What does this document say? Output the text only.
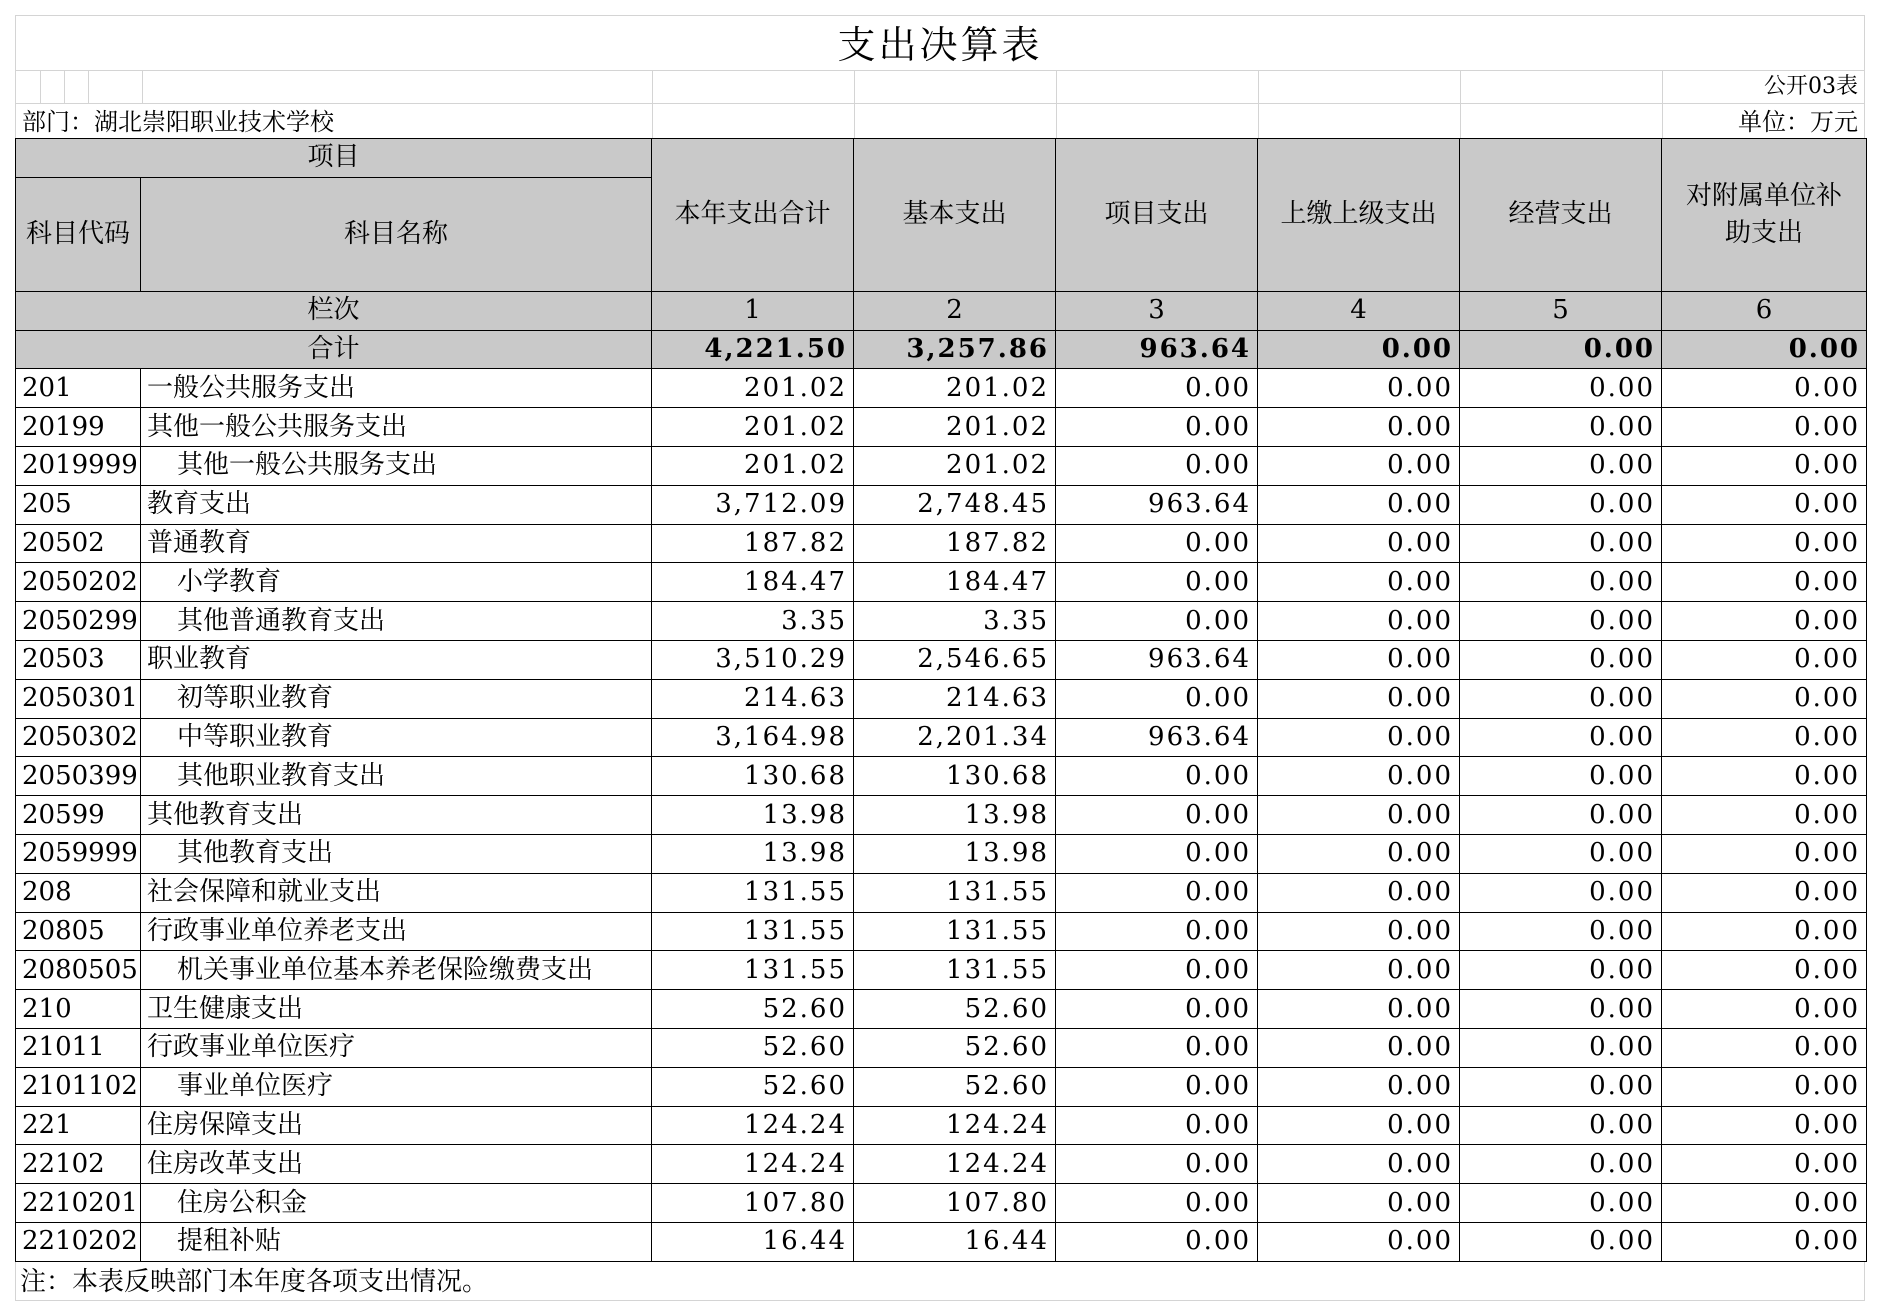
支出决算表
公开03表
部门：湖北崇阳职业技术学校	单位：万元
项目		本年支出合计	基本支出	项目支出	上缴上级支出	经营支出	对附属单位补助支出
科目代码	科目名称						
栏次		1	2	3	4	5	6
合计		4,221.50	3,257.86	963.64	0.00	0.00	0.00
201	一般公共服务支出	201.02	201.02	0.00	0.00	0.00	0.00
20199	其他一般公共服务支出	201.02	201.02	0.00	0.00	0.00	0.00
2019999	其他一般公共服务支出	201.02	201.02	0.00	0.00	0.00	0.00
205	教育支出	3,712.09	2,748.45	963.64	0.00	0.00	0.00
20502	普通教育	187.82	187.82	0.00	0.00	0.00	0.00
2050202	小学教育	184.47	184.47	0.00	0.00	0.00	0.00
2050299	其他普通教育支出	3.35	3.35	0.00	0.00	0.00	0.00
20503	职业教育	3,510.29	2,546.65	963.64	0.00	0.00	0.00
2050301	初等职业教育	214.63	214.63	0.00	0.00	0.00	0.00
2050302	中等职业教育	3,164.98	2,201.34	963.64	0.00	0.00	0.00
2050399	其他职业教育支出	130.68	130.68	0.00	0.00	0.00	0.00
20599	其他教育支出	13.98	13.98	0.00	0.00	0.00	0.00
2059999	其他教育支出	13.98	13.98	0.00	0.00	0.00	0.00
208	社会保障和就业支出	131.55	131.55	0.00	0.00	0.00	0.00
20805	行政事业单位养老支出	131.55	131.55	0.00	0.00	0.00	0.00
2080505	机关事业单位基本养老保险缴费支出	131.55	131.55	0.00	0.00	0.00	0.00
210	卫生健康支出	52.60	52.60	0.00	0.00	0.00	0.00
21011	行政事业单位医疗	52.60	52.60	0.00	0.00	0.00	0.00
2101102	事业单位医疗	52.60	52.60	0.00	0.00	0.00	0.00
221	住房保障支出	124.24	124.24	0.00	0.00	0.00	0.00
22102	住房改革支出	124.24	124.24	0.00	0.00	0.00	0.00
2210201	住房公积金	107.80	107.80	0.00	0.00	0.00	0.00
2210202	提租补贴	16.44	16.44	0.00	0.00	0.00	0.00
注：本表反映部门本年度各项支出情况。
